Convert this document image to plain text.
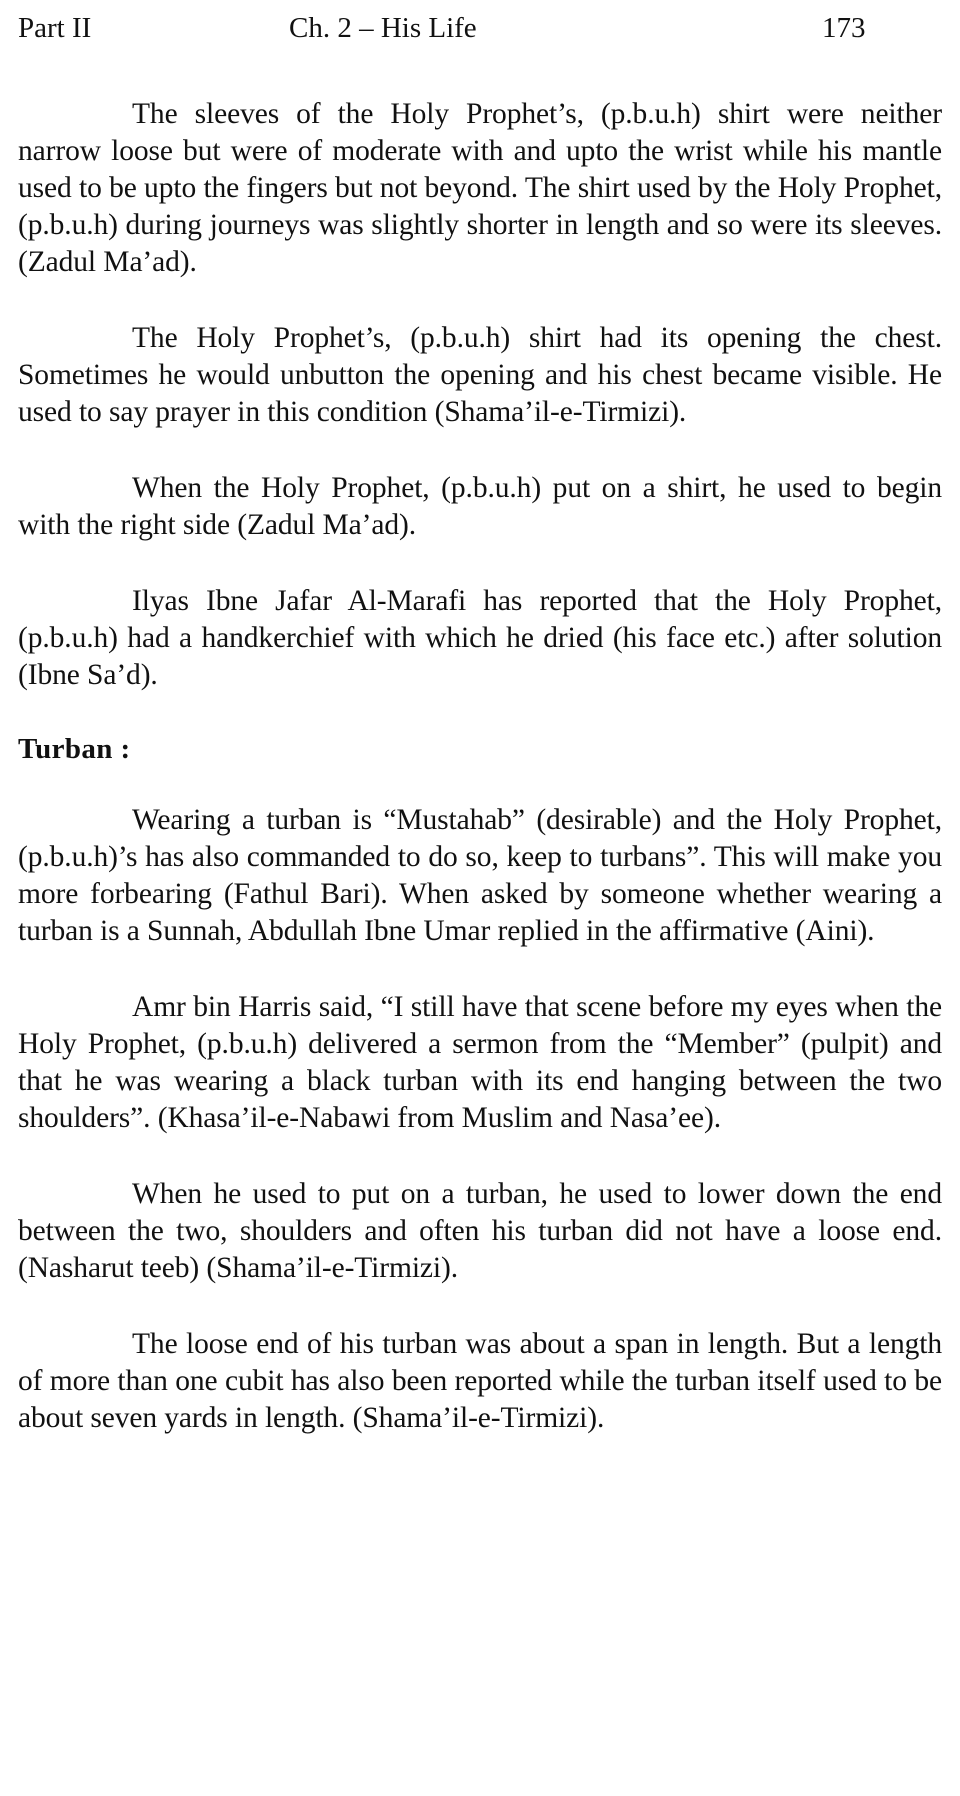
Part II	Ch. 2 – His Life	173

The sleeves of the Holy Prophet’s, (p.b.u.h) shirt were neither narrow loose but were of moderate with and upto the wrist while his mantle used to be upto the fingers but not beyond. The shirt used by the Holy Prophet, (p.b.u.h) during journeys was slightly shorter in length and so were its sleeves. (Zadul Ma’ad).

The Holy Prophet’s, (p.b.u.h) shirt had its opening the chest. Sometimes he would unbutton the opening and his chest became visible. He used to say prayer in this condition (Shama’il-e-Tirmizi).

When the Holy Prophet, (p.b.u.h) put on a shirt, he used to begin with the right side (Zadul Ma’ad).

Ilyas Ibne Jafar Al-Marafi has reported that the Holy Prophet, (p.b.u.h) had a handkerchief with which he dried (his face etc.) after solution (Ibne Sa’d).

Turban :

Wearing a turban is “Mustahab” (desirable) and the Holy Prophet, (p.b.u.h)’s has also commanded to do so, keep to turbans”. This will make you more forbearing (Fathul Bari). When asked by someone whether wearing a turban is a Sunnah, Abdullah Ibne Umar replied in the affirmative (Aini).

Amr bin Harris said, “I still have that scene before my eyes when the Holy Prophet, (p.b.u.h) delivered a sermon from the “Member” (pulpit) and that he was wearing a black turban with its end hanging between the two shoulders”. (Khasa’il-e-Nabawi from Muslim and Nasa’ee).

When he used to put on a turban, he used to lower down the end between the two, shoulders and often his turban did not have a loose end. (Nasharut teeb) (Shama’il-e-Tirmizi).

The loose end of his turban was about a span in length. But a length of more than one cubit has also been reported while the turban itself used to be about seven yards in length. (Shama’il-e-Tirmizi).
